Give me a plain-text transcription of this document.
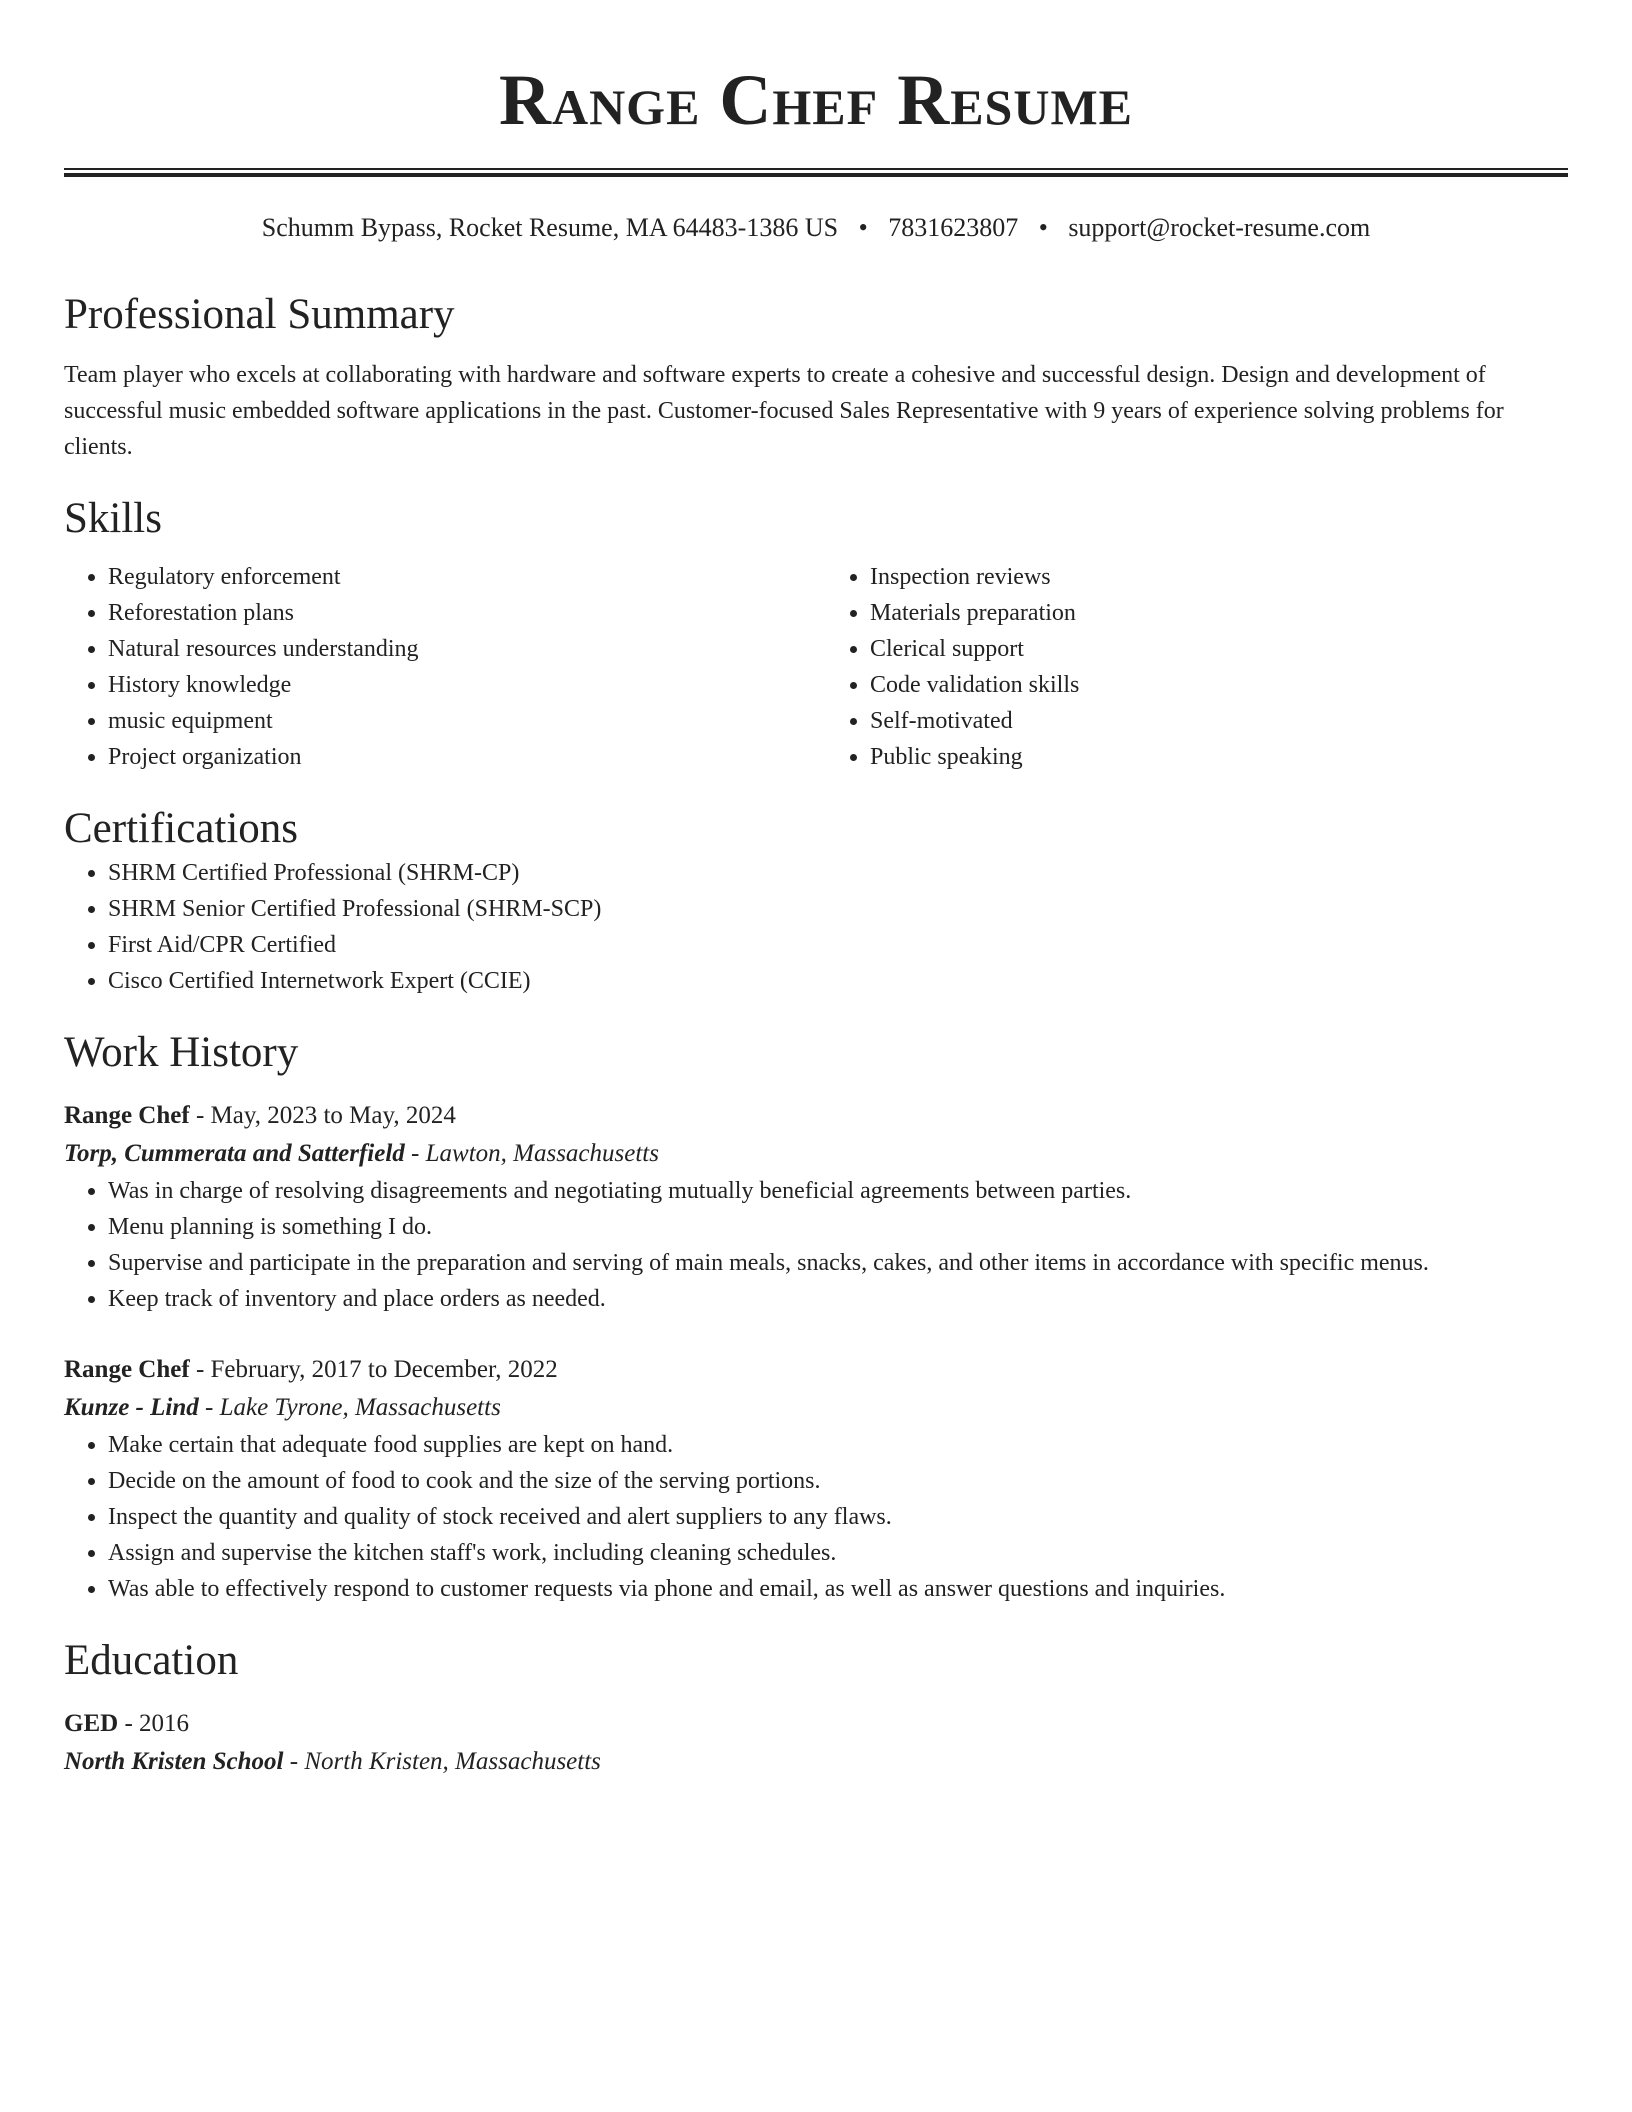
Range Chef Resume
Schumm Bypass, Rocket Resume, MA 64483-1386 US • 7831623807 • support@rocket-resume.com
Professional Summary

Team player who excels at collaborating with hardware and software experts to create a cohesive and successful design. Design and development of successful music embedded software applications in the past. Customer-focused Sales Representative with 9 years of experience solving problems for clients.

Skills
• Regulatory enforcement
• Reforestation plans
• Natural resources understanding
• History knowledge
• music equipment
• Project organization
• Inspection reviews
• Materials preparation
• Clerical support
• Code validation skills
• Self-motivated
• Public speaking
Certifications
• SHRM Certified Professional (SHRM-CP)
• SHRM Senior Certified Professional (SHRM-SCP)
• First Aid/CPR Certified
• Cisco Certified Internetwork Expert (CCIE)
Work History
Range Chef - May, 2023 to May, 2024
Torp, Cummerata and Satterfield - Lawton, Massachusetts
• Was in charge of resolving disagreements and negotiating mutually beneficial agreements between parties.
• Menu planning is something I do.
• Supervise and participate in the preparation and serving of main meals, snacks, cakes, and other items in accordance with specific menus.
• Keep track of inventory and place orders as needed.
Range Chef - February, 2017 to December, 2022
Kunze - Lind - Lake Tyrone, Massachusetts
• Make certain that adequate food supplies are kept on hand.
• Decide on the amount of food to cook and the size of the serving portions.
• Inspect the quantity and quality of stock received and alert suppliers to any flaws.
• Assign and supervise the kitchen staff's work, including cleaning schedules.
• Was able to effectively respond to customer requests via phone and email, as well as answer questions and inquiries.
Education
GED - 2016
North Kristen School - North Kristen, Massachusetts
